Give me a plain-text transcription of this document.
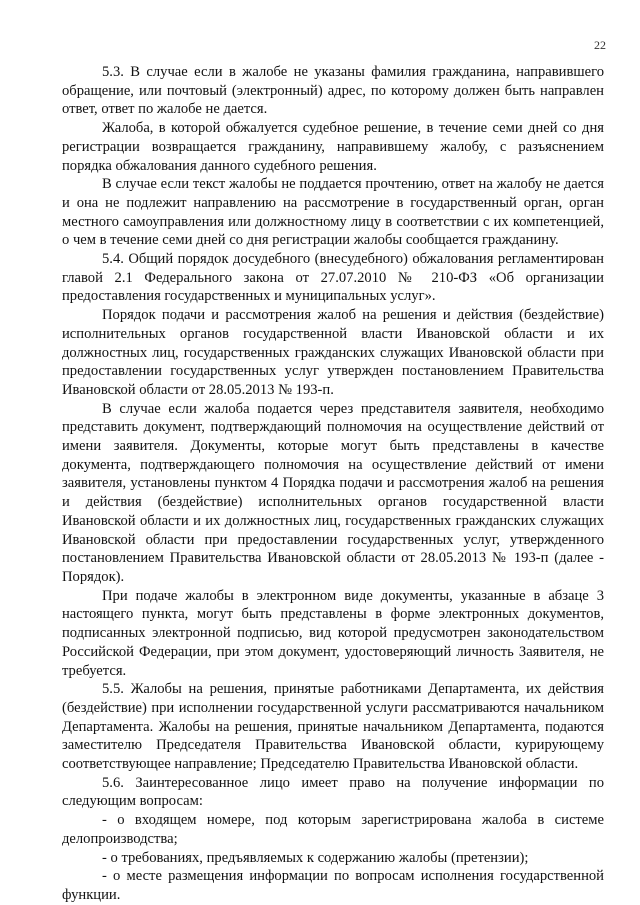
22

5.3. В случае если в жалобе не указаны фамилия гражданина, направившего обращение, или почтовый (электронный) адрес, по которому должен быть направлен ответ, ответ по жалобе не дается.

Жалоба, в которой обжалуется судебное решение, в течение семи дней со дня регистрации возвращается гражданину, направившему жалобу, с разъяснением порядка обжалования данного судебного решения.

В случае если текст жалобы не поддается прочтению, ответ на жалобу не дается и она не подлежит направлению на рассмотрение в государственный орган, орган местного самоуправления или должностному лицу в соответствии с их компетенцией, о чем в течение семи дней со дня регистрации жалобы сообщается гражданину.

5.4. Общий порядок досудебного (внесудебного) обжалования регламентирован главой 2.1 Федерального закона от 27.07.2010 № 210-ФЗ «Об организации предоставления государственных и муниципальных услуг».

Порядок подачи и рассмотрения жалоб на решения и действия (бездействие) исполнительных органов государственной власти Ивановской области и их должностных лиц, государственных гражданских служащих Ивановской области при предоставлении государственных услуг утвержден постановлением Правительства Ивановской области от 28.05.2013 № 193-п.

В случае если жалоба подается через представителя заявителя, необходимо представить документ, подтверждающий полномочия на осуществление действий от имени заявителя. Документы, которые могут быть представлены в качестве документа, подтверждающего полномочия на осуществление действий от имени заявителя, установлены пунктом 4 Порядка подачи и рассмотрения жалоб на решения и действия (бездействие) исполнительных органов государственной власти Ивановской области и их должностных лиц, государственных гражданских служащих Ивановской области при предоставлении государственных услуг, утвержденного постановлением Правительства Ивановской области от 28.05.2013 № 193-п (далее - Порядок).

При подаче жалобы в электронном виде документы, указанные в абзаце 3 настоящего пункта, могут быть представлены в форме электронных документов, подписанных электронной подписью, вид которой предусмотрен законодательством Российской Федерации, при этом документ, удостоверяющий личность Заявителя, не требуется.

5.5. Жалобы на решения, принятые работниками Департамента, их действия (бездействие) при исполнении государственной услуги рассматриваются начальником Департамента. Жалобы на решения, принятые начальником Департамента, подаются заместителю Председателя Правительства Ивановской области, курирующему соответствующее направление; Председателю Правительства Ивановской области.

5.6. Заинтересованное лицо имеет право на получение информации по следующим вопросам:

- о входящем номере, под которым зарегистрирована жалоба в системе делопроизводства;

- о требованиях, предъявляемых к содержанию жалобы (претензии);

- о месте размещения информации по вопросам исполнения государственной функции.
